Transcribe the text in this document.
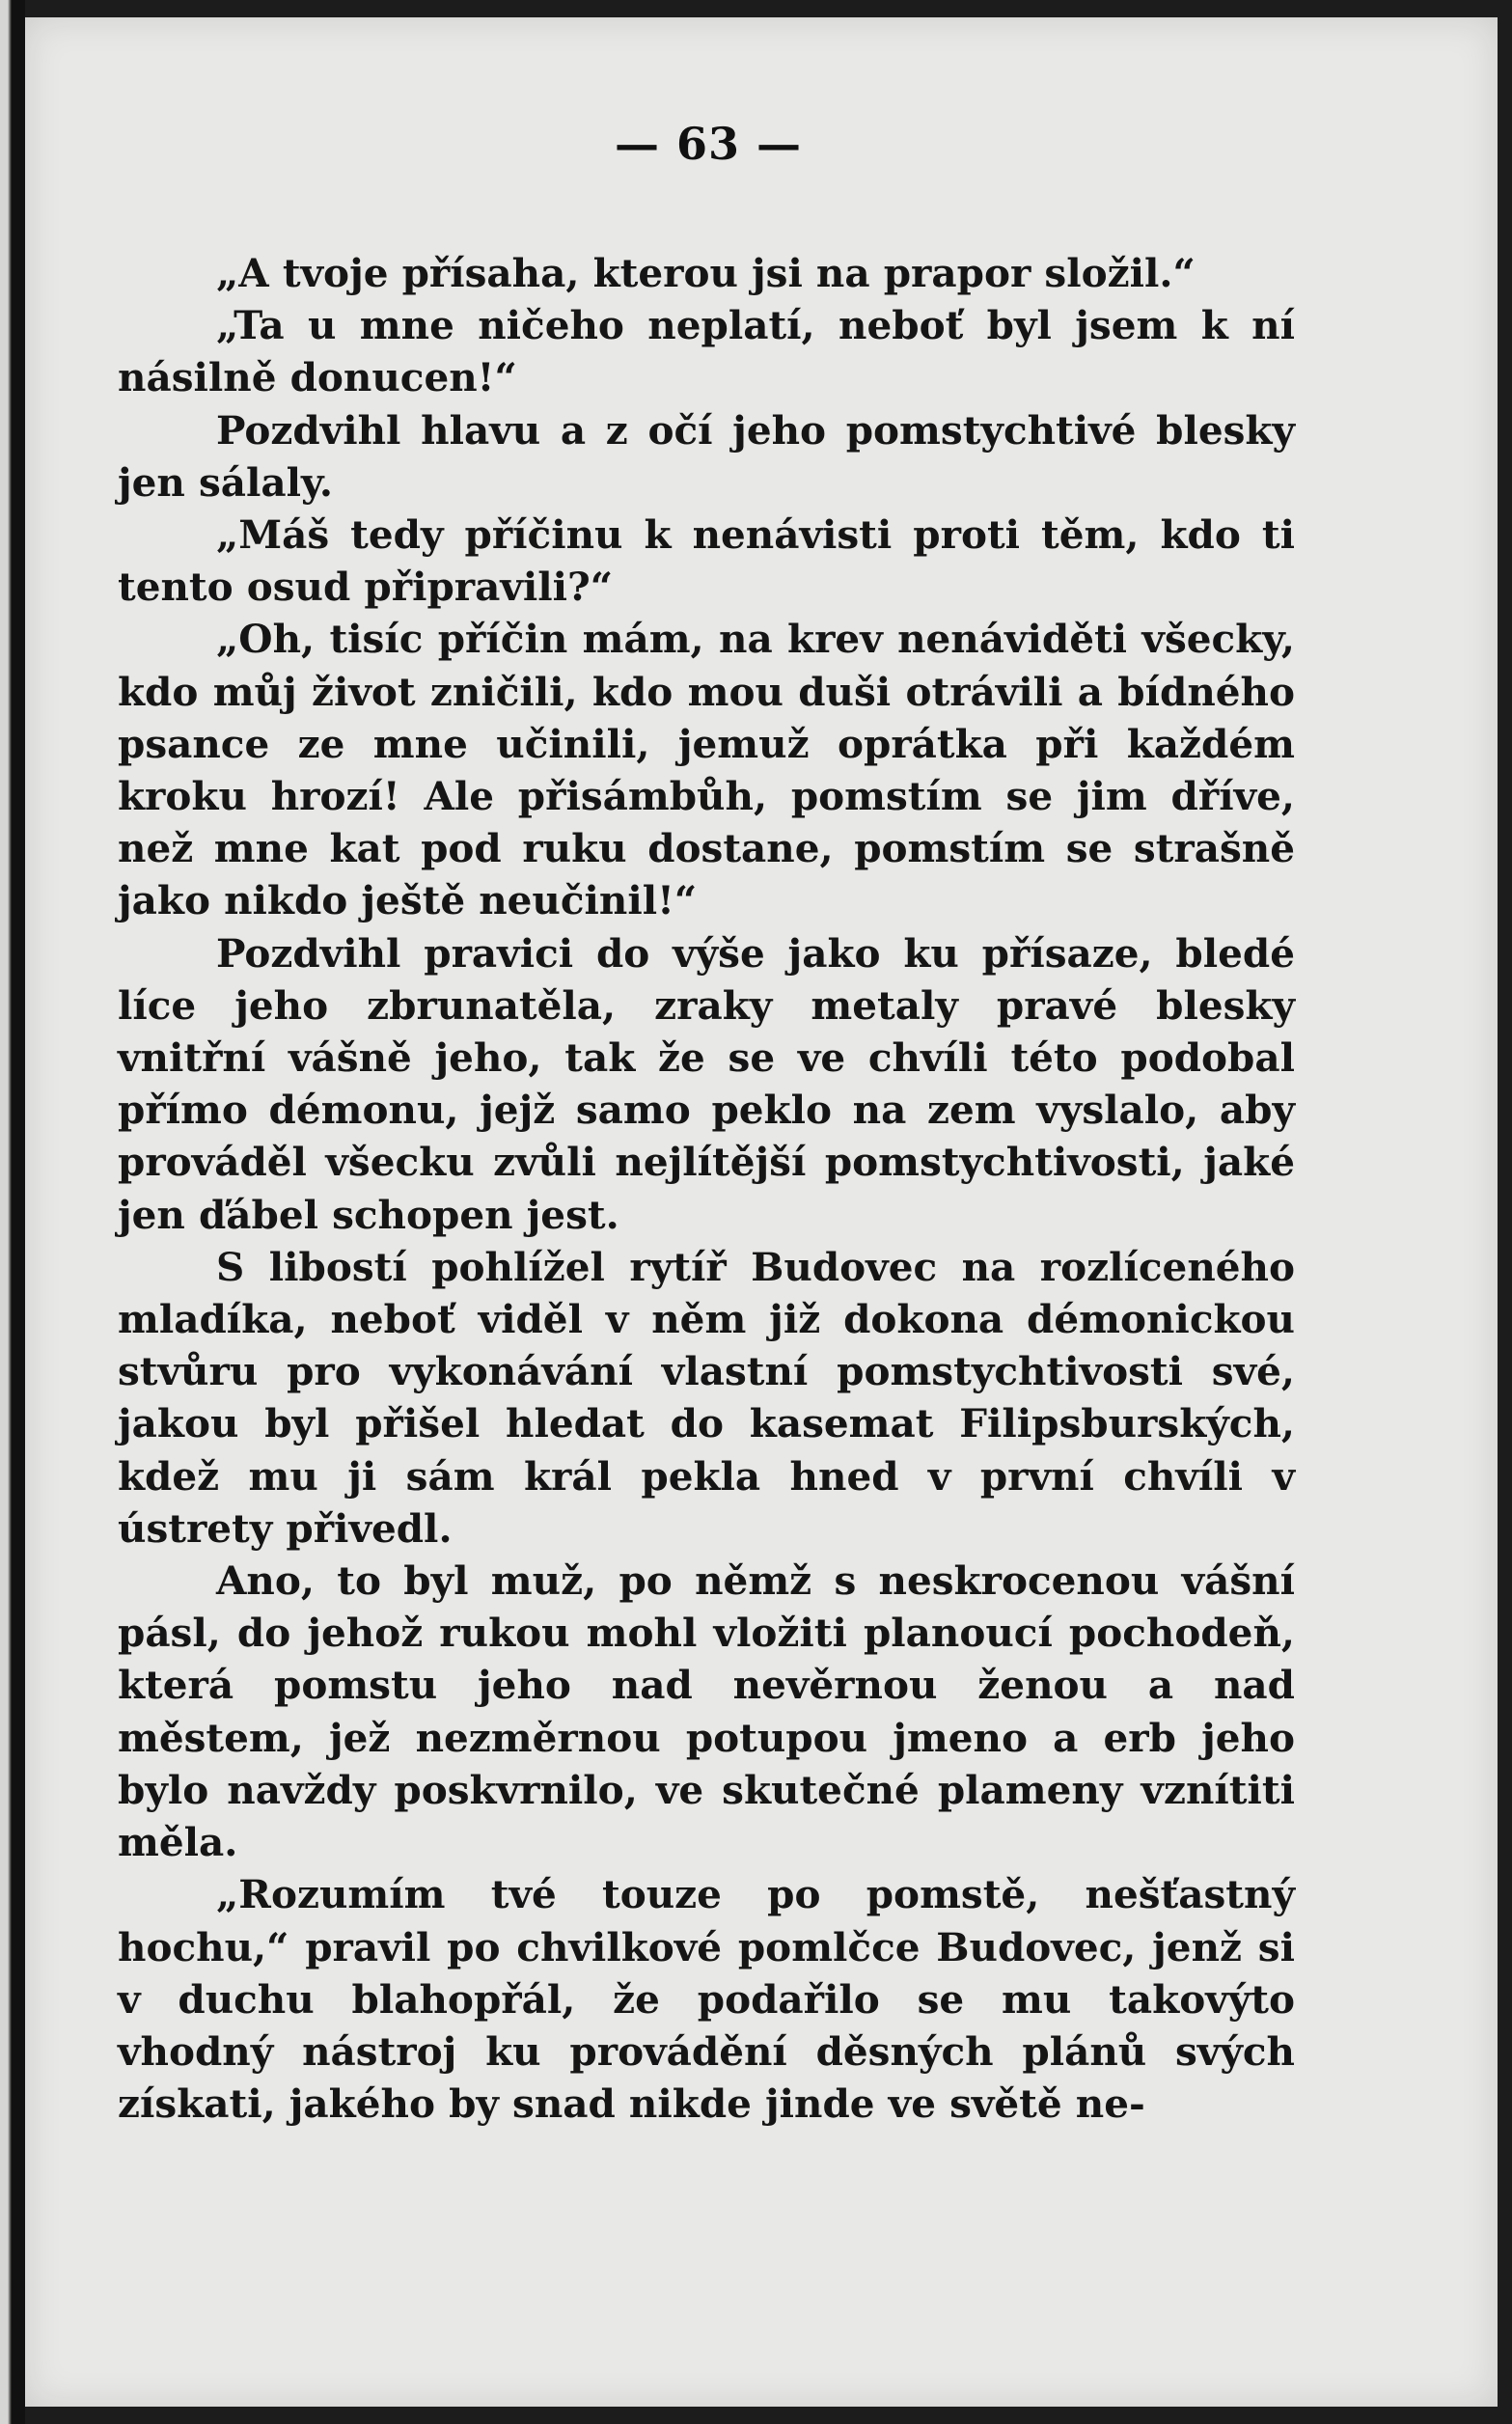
— 63 —

„A tvoje přísaha, kterou jsi na prapor složil.“

„Ta u mne ničeho neplatí, neboť byl jsem k ní násilně donucen!“

Pozdvihl hlavu a z očí jeho pomstychtivé blesky jen sálaly.

„Máš tedy příčinu k nenávisti proti těm, kdo ti tento osud připravili?“

„Oh, tisíc příčin mám, na krev nenáviděti všecky, kdo můj život zničili, kdo mou duši otrávili a bídného psance ze mne učinili, jemuž oprátka při každém kroku hrozí! Ale přisámbůh, pomstím se jim dříve, než mne kat pod ruku dostane, pomstím se strašně jako nikdo ještě neučinil!“

Pozdvihl pravici do výše jako ku přísaze, bledé líce jeho zbrunatěla, zraky metaly pravé blesky vnitřní vášně jeho, tak že se ve chvíli této podobal přímo démonu, jejž samo peklo na zem vyslalo, aby prováděl všecku zvůli nejlítější pomstychtivosti, jaké jen ďábel schopen jest.

S libostí pohlížel rytíř Budovec na rozlíceného mladíka, neboť viděl v něm již dokona démonickou stvůru pro vykonávání vlastní pomstychtivosti své, jakou byl přišel hledat do kasemat Filipsburských, kdež mu ji sám král pekla hned v první chvíli v ústrety přivedl.

Ano, to byl muž, po němž s neskrocenou vášní pásl, do jehož rukou mohl vložiti planoucí pochodeň, která pomstu jeho nad nevěrnou ženou a nad městem, jež nezměrnou potupou jmeno a erb jeho bylo navždy poskvrnilo, ve skutečné plameny vznítiti měla.

„Rozumím tvé touze po pomstě, nešťastný hochu,“ pravil po chvilkové pomlčce Budovec, jenž si v duchu blahopřál, že podařilo se mu takovýto vhodný nástroj ku provádění děsných plánů svých získati, jakého by snad nikde jinde ve světě ne-
